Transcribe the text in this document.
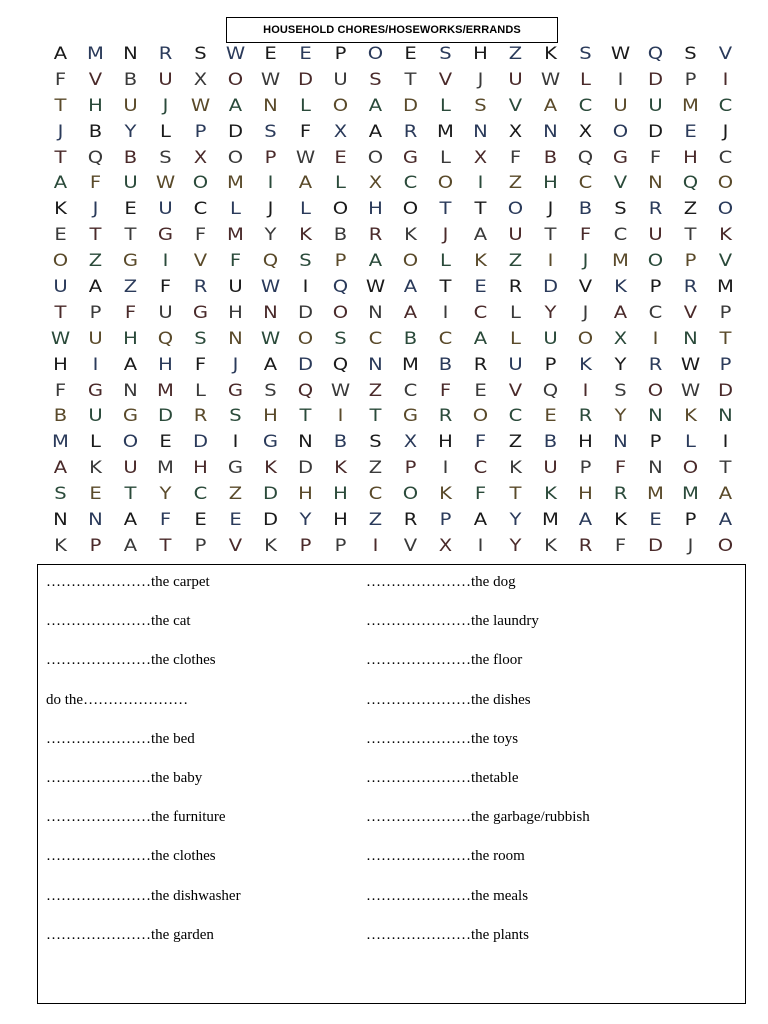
HOUSEHOLD CHORES/HOSEWORKS/ERRANDS
A	M	N	R	S	W	E	E	P	O	E	S	H	Z	K	S	W	Q	S	V
F	V	B	U	X	O	W	D	U	S	T	V	J	U	W	L	I	D	P	I
T	H	U	J	W	A	N	L	O	A	D	L	S	V	A	C	U	U	M	C
J	B	Y	L	P	D	S	F	X	A	R	M	N	X	N	X	O	D	E	J
T	Q	B	S	X	O	P	W	E	O	G	L	X	F	B	Q	G	F	H	C
A	F	U	W	O	M	I	A	L	X	C	O	I	Z	H	C	V	N	Q	O
K	J	E	U	C	L	J	L	O	H	O	T	T	O	J	B	S	R	Z	O
E	T	T	G	F	M	Y	K	B	R	K	J	A	U	T	F	C	U	T	K
O	Z	G	I	V	F	Q	S	P	A	O	L	K	Z	I	J	M	O	P	V
U	A	Z	F	R	U	W	I	Q	W	A	T	E	R	D	V	K	P	R	M
T	P	F	U	G	H	N	D	O	N	A	I	C	L	Y	J	A	C	V	P
W	U	H	Q	S	N	W	O	S	C	B	C	A	L	U	O	X	I	N	T
H	I	A	H	F	J	A	D	Q	N	M	B	R	U	P	K	Y	R	W	P
F	G	N	M	L	G	S	Q	W	Z	C	F	E	V	Q	I	S	O	W	D
B	U	G	D	R	S	H	T	I	T	G	R	O	C	E	R	Y	N	K	N
M	L	O	E	D	I	G	N	B	S	X	H	F	Z	B	H	N	P	L	I
A	K	U	M	H	G	K	D	K	Z	P	I	C	K	U	P	F	N	O	T
S	E	T	Y	C	Z	D	H	H	C	O	K	F	T	K	H	R	M	M	A
N	N	A	F	E	E	D	Y	H	Z	R	P	A	Y	M	A	K	E	P	A
K	P	A	T	P	V	K	P	P	I	V	X	I	Y	K	R	F	D	J	O
…………………the carpet
…………………the cat
…………………the clothes
do the…………………
…………………the bed
…………………the baby
…………………the furniture
…………………the clothes
…………………the dishwasher
…………………the garden
…………………the dog
…………………the laundry
…………………the floor
…………………the dishes
…………………the toys
…………………thetable
…………………the garbage/rubbish
…………………the room
…………………the meals
…………………the plants
